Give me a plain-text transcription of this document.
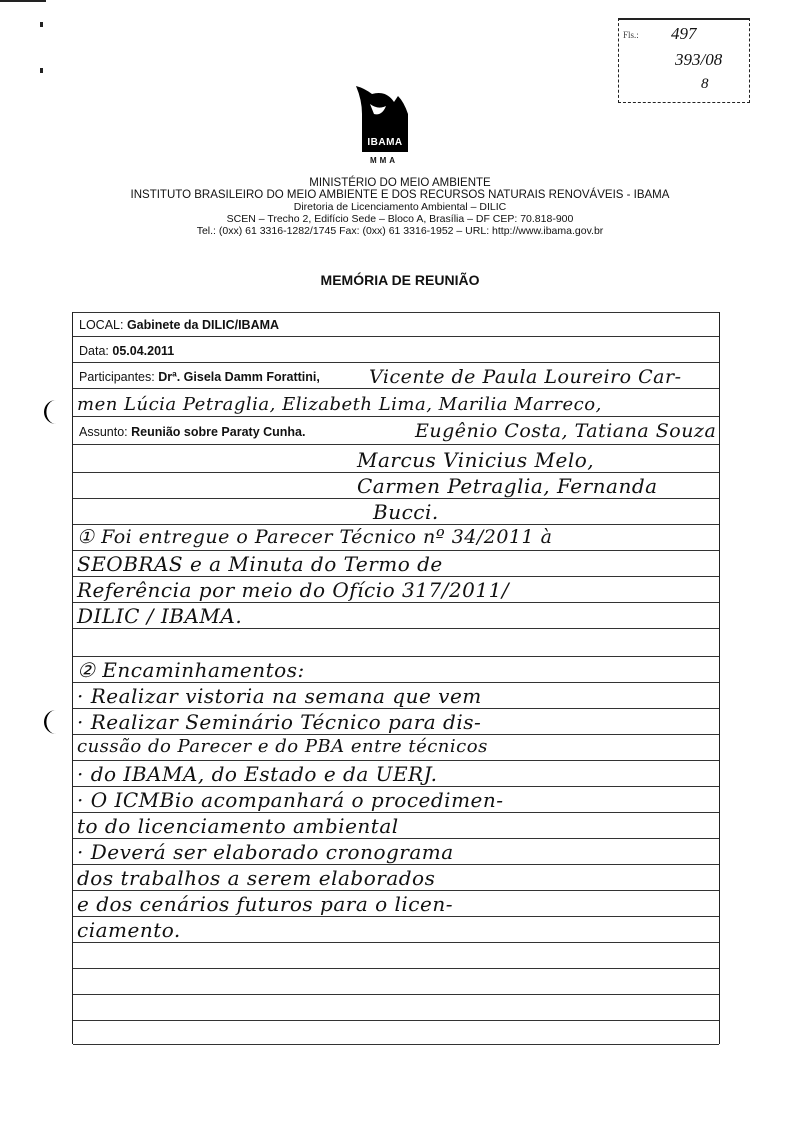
Fls.: 497
393/08
8
IBAMA
MMA
MINISTÉRIO DO MEIO AMBIENTE
INSTITUTO BRASILEIRO DO MEIO AMBIENTE E DOS RECURSOS NATURAIS RENOVÁVEIS - IBAMA
Diretoria de Licenciamento Ambiental – DILIC
SCEN – Trecho 2, Edifício Sede – Bloco A, Brasília – DF CEP: 70.818-900
Tel.: (0xx) 61 3316-1282/1745 Fax: (0xx) 61 3316-1952 – URL: http://www.ibama.gov.br
MEMÓRIA DE REUNIÃO
LOCAL: Gabinete da DILIC/IBAMA
Data: 05.04.2011
Participantes: Drª. Gisela Damm Forattini,
Assunto: Reunião sobre Paraty Cunha.
Vicente de Paula Loureiro Car-
men Lúcia Petraglia, Elizabeth Lima, Marilia Marreco,
Eugênio Costa, Tatiana Souza
Marcus Vinicius Melo,
Carmen Petraglia, Fernanda
Bucci.
① Foi entregue o Parecer Técnico nº 34/2011 à
SEOBRAS e a Minuta do Termo de
Referência por meio do Ofício 317/2011/
DILIC / IBAMA.
② Encaminhamentos:
· Realizar vistoria na semana que vem
· Realizar Seminário Técnico para dis-
cussão do Parecer e do PBA entre técnicos
· do IBAMA, do Estado e da UERJ.
· O ICMBio acompanhará o procedimen-
to do licenciamento ambiental
· Deverá ser elaborado cronograma
dos trabalhos a serem elaborados
e dos cenários futuros para o licen-
ciamento.
